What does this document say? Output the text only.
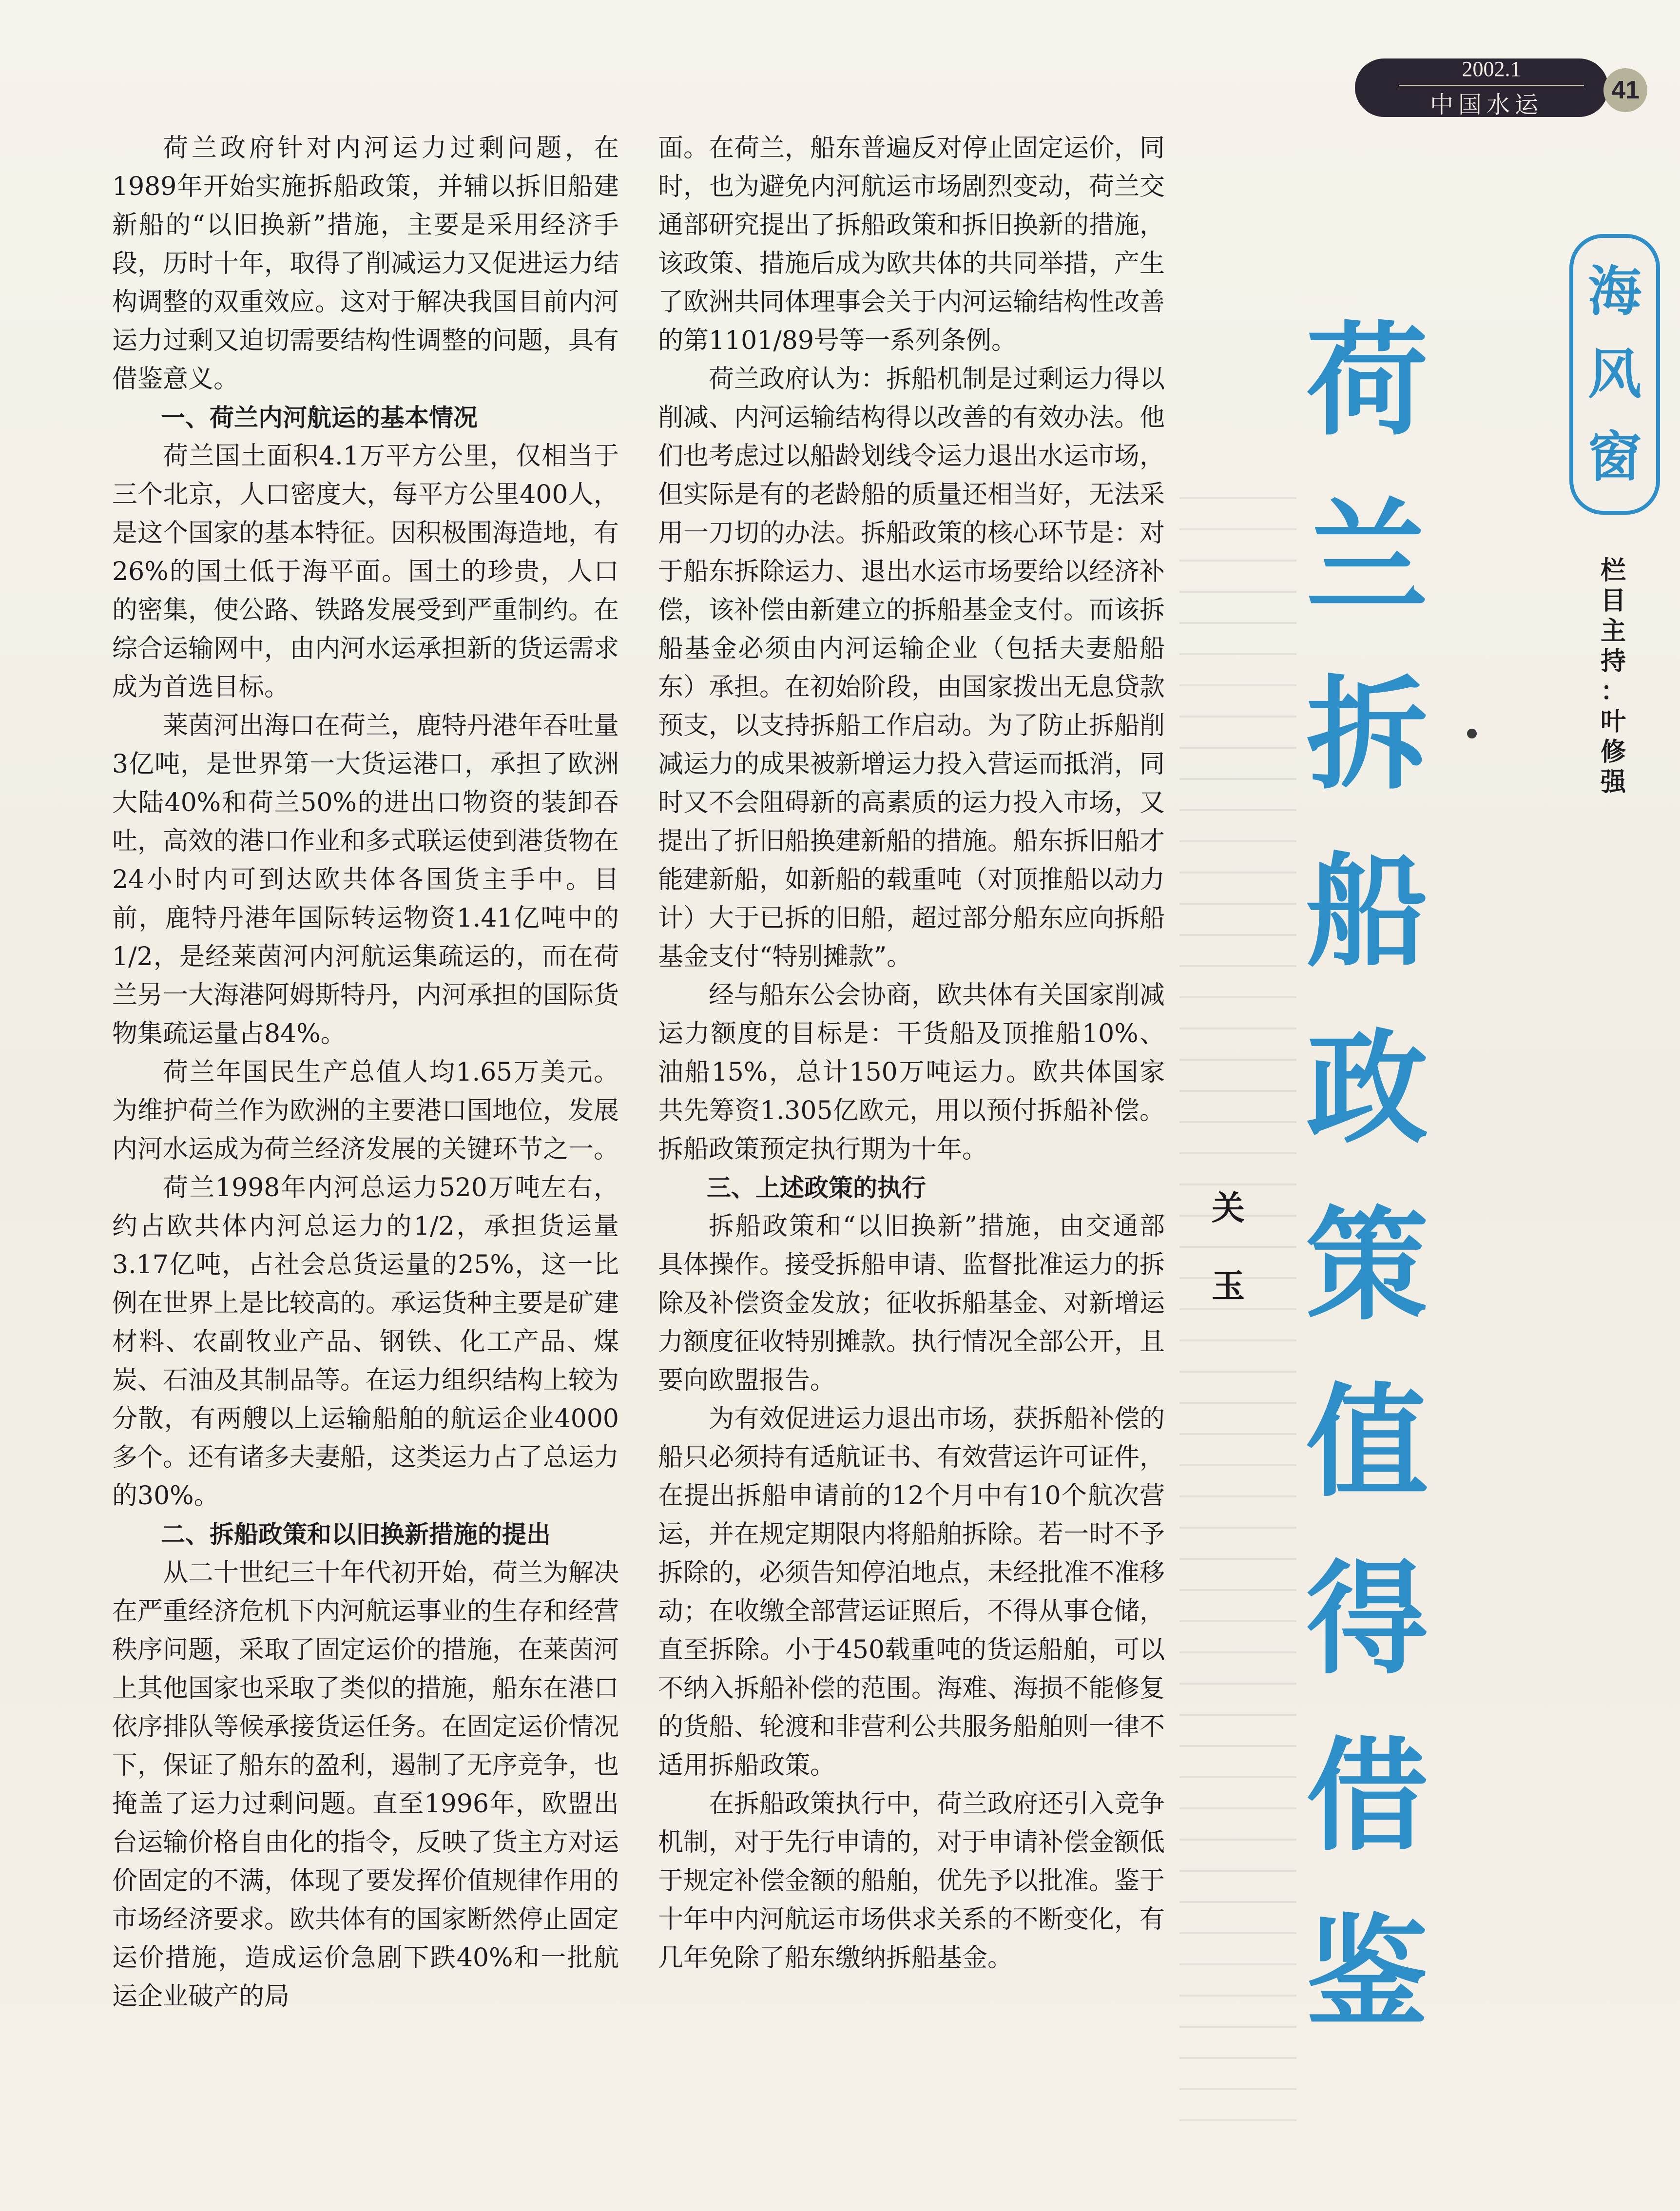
2002.1
中国水运
41

荷兰政府针对内河运力过剩问题，在1989年开始实施拆船政策，并辅以拆旧船建新船的“以旧换新”措施，主要是采用经济手段，历时十年，取得了削减运力又促进运力结构调整的双重效应。这对于解决我国目前内河运力过剩又迫切需要结构性调整的问题，具有借鉴意义。

一、荷兰内河航运的基本情况

荷兰国土面积4.1万平方公里，仅相当于三个北京，人口密度大，每平方公里400人，是这个国家的基本特征。因积极围海造地，有26%的国土低于海平面。国土的珍贵，人口的密集，使公路、铁路发展受到严重制约。在综合运输网中，由内河水运承担新的货运需求成为首选目标。

莱茵河出海口在荷兰，鹿特丹港年吞吐量3亿吨，是世界第一大货运港口，承担了欧洲大陆40%和荷兰50%的进出口物资的装卸吞吐，高效的港口作业和多式联运使到港货物在24小时内可到达欧共体各国货主手中。目前，鹿特丹港年国际转运物资1.41亿吨中的1/2，是经莱茵河内河航运集疏运的，而在荷兰另一大海港阿姆斯特丹，内河承担的国际货物集疏运量占84%。

荷兰年国民生产总值人均1.65万美元。为维护荷兰作为欧洲的主要港口国地位，发展内河水运成为荷兰经济发展的关键环节之一。

荷兰1998年内河总运力520万吨左右，约占欧共体内河总运力的1/2，承担货运量3.17亿吨，占社会总货运量的25%，这一比例在世界上是比较高的。承运货种主要是矿建材料、农副牧业产品、钢铁、化工产品、煤炭、石油及其制品等。在运力组织结构上较为分散，有两艘以上运输船舶的航运企业4000多个。还有诸多夫妻船，这类运力占了总运力的30%。

二、拆船政策和以旧换新措施的提出

从二十世纪三十年代初开始，荷兰为解决在严重经济危机下内河航运事业的生存和经营秩序问题，采取了固定运价的措施，在莱茵河上其他国家也采取了类似的措施，船东在港口依序排队等候承接货运任务。在固定运价情况下，保证了船东的盈利，遏制了无序竞争，也掩盖了运力过剩问题。直至1996年，欧盟出台运输价格自由化的指令，反映了货主方对运价固定的不满，体现了要发挥价值规律作用的市场经济要求。欧共体有的国家断然停止固定运价措施，造成运价急剧下跌40%和一批航运企业破产的局

面。在荷兰，船东普遍反对停止固定运价，同时，也为避免内河航运市场剧烈变动，荷兰交通部研究提出了拆船政策和拆旧换新的措施，该政策、措施后成为欧共体的共同举措，产生了欧洲共同体理事会关于内河运输结构性改善的第1101/89号等一系列条例。

荷兰政府认为：拆船机制是过剩运力得以削减、内河运输结构得以改善的有效办法。他们也考虑过以船龄划线令运力退出水运市场，但实际是有的老龄船的质量还相当好，无法采用一刀切的办法。拆船政策的核心环节是：对于船东拆除运力、退出水运市场要给以经济补偿，该补偿由新建立的拆船基金支付。而该拆船基金必须由内河运输企业（包括夫妻船船东）承担。在初始阶段，由国家拨出无息贷款预支，以支持拆船工作启动。为了防止拆船削减运力的成果被新增运力投入营运而抵消，同时又不会阻碍新的高素质的运力投入市场，又提出了折旧船换建新船的措施。船东拆旧船才能建新船，如新船的载重吨（对顶推船以动力计）大于已拆的旧船，超过部分船东应向拆船基金支付“特别摊款”。

经与船东公会协商，欧共体有关国家削减运力额度的目标是：干货船及顶推船10%、油船15%，总计150万吨运力。欧共体国家共先筹资1.305亿欧元，用以预付拆船补偿。拆船政策预定执行期为十年。

三、上述政策的执行

拆船政策和“以旧换新”措施，由交通部具体操作。接受拆船申请、监督批准运力的拆除及补偿资金发放；征收拆船基金、对新增运力额度征收特别摊款。执行情况全部公开，且要向欧盟报告。

为有效促进运力退出市场，获拆船补偿的船只必须持有适航证书、有效营运许可证件，在提出拆船申请前的12个月中有10个航次营运，并在规定期限内将船舶拆除。若一时不予拆除的，必须告知停泊地点，未经批准不准移动；在收缴全部营运证照后，不得从事仓储，直至拆除。小于450载重吨的货运船舶，可以不纳入拆船补偿的范围。海难、海损不能修复的货船、轮渡和非营利公共服务船舶则一律不适用拆船政策。

在拆船政策执行中，荷兰政府还引入竞争机制，对于先行申请的，对于申请补偿金额低于规定补偿金额的船舶，优先予以批准。鉴于十年中内河航运市场供求关系的不断变化，有几年免除了船东缴纳拆船基金。

荷
兰
拆
船
政
策
值
得
借
鉴
关
玉
海
风
窗
栏
目
主
持
：
叶
修
强
